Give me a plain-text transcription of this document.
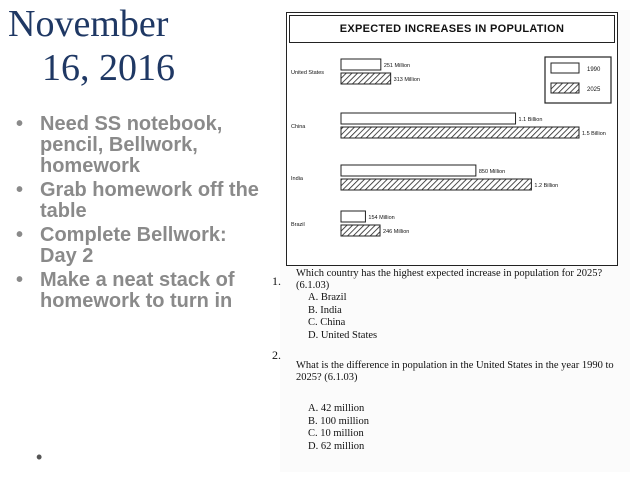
November
16, 2016
• Need SS notebook, pencil, Bellwork, homework
• Grab homework off the table
• Complete Bellwork: Day 2
• Make a neat stack of homework to turn in
•
EXPECTED INCREASES IN POPULATION
United States
251 Million
313 Million
China
1.1 Billion
1.5 Billion
India
850 Million
1.2 Billion
Brazil
154 Million
246 Million
1990
2025
1.
Which country has the highest expected increase in population for 2025? (6.1.03)
A. Brazil
B. India
C. China
D. United States
2.
What is the difference in population in the United States in the year 1990 to 2025? (6.1.03)
A. 42 million
B. 100 million
C. 10 million
D. 62 million
